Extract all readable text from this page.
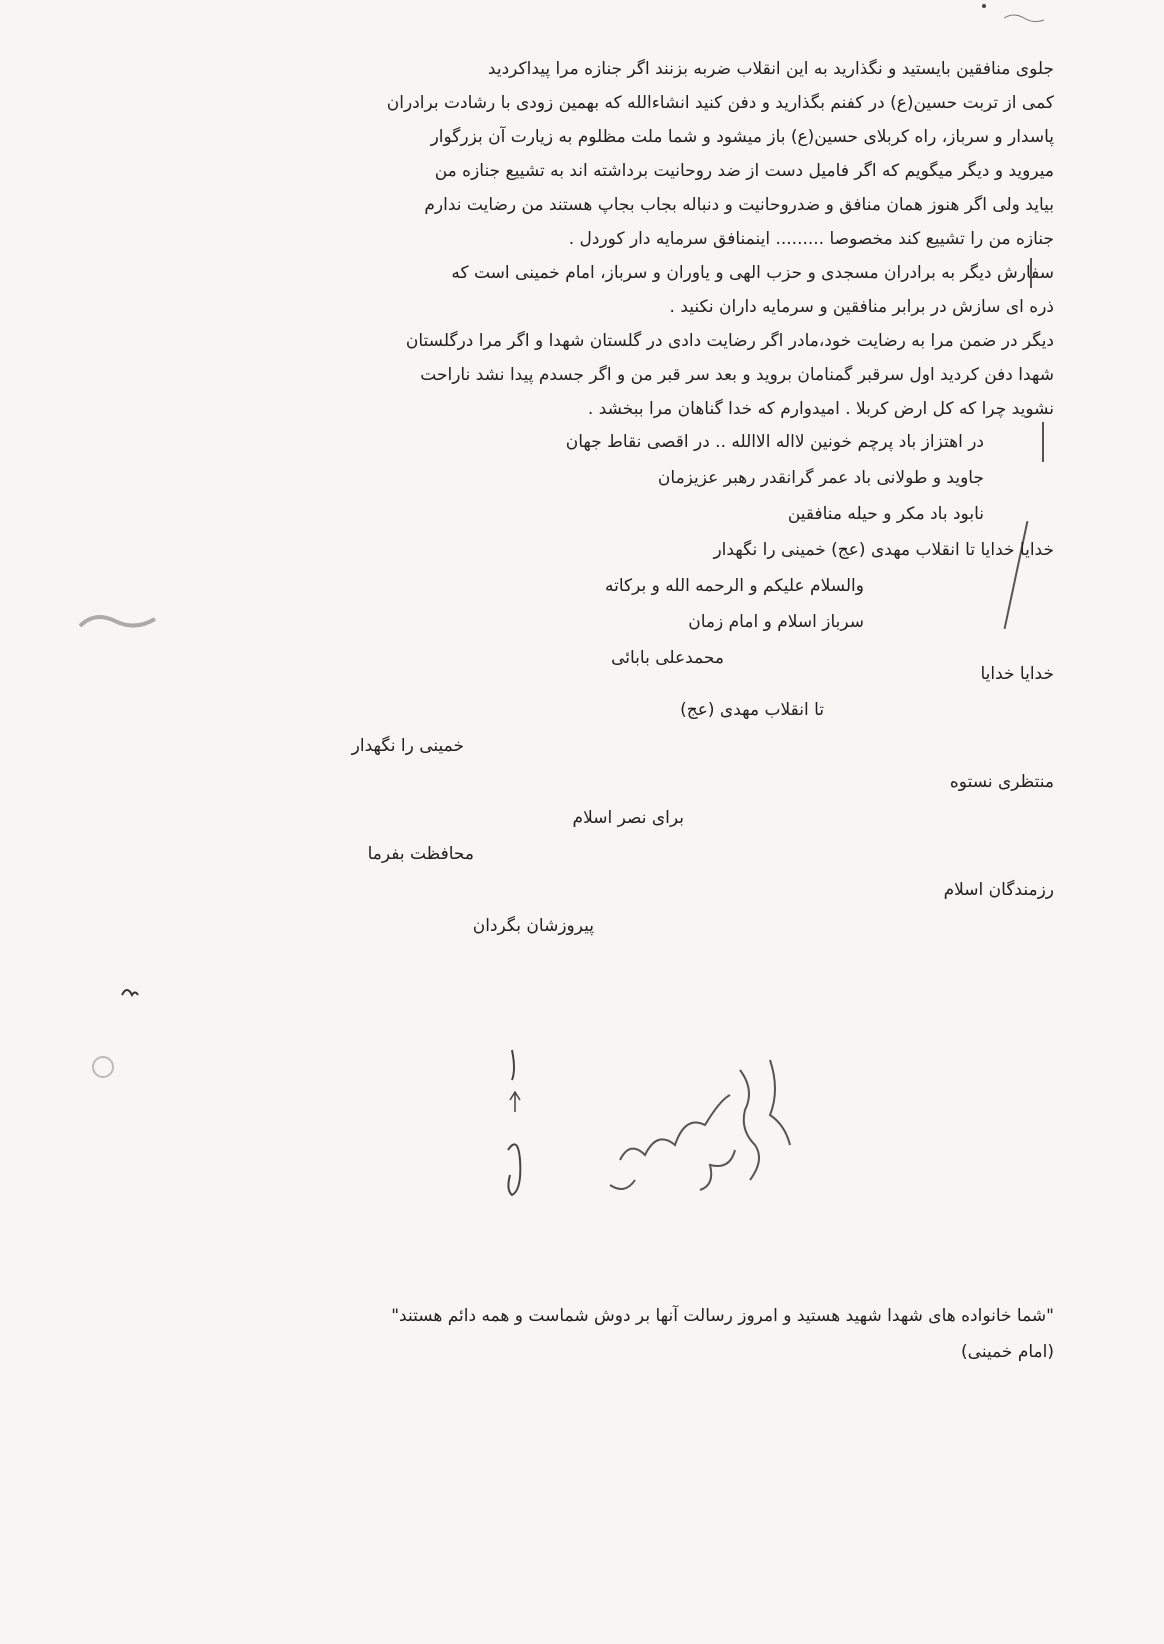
جلوی منافقین بایستید و نگذارید به این انقلاب ضربه بزنند اگر جنازه مرا پیداکردید
کمی از تربت حسین(ع) در کفنم بگذارید و دفن کنید انشاءالله که بهمین زودی با رشادت برادران
پاسدار و سرباز، راه کربلای حسین(ع) باز میشود و شما ملت مظلوم به زیارت آن بزرگوار
میروید و دیگر میگویم که اگر فامیل دست از ضد روحانیت برداشته اند به تشییع جنازه من
بیاید ولی اگر هنوز همان منافق و ضدروحانیت و دنباله بجاب بجاپ هستند من رضایت ندارم
جنازه من را تشییع کند مخصوصا ......... اینمنافق سرمایه دار کوردل .
سفارش دیگر به برادران مسجدی و حزب الهی و یاوران و سرباز، امام خمینی است که
ذره ای سازش در برابر منافقین و سرمایه داران نکنید .
دیگر در ضمن مرا به رضایت خود،مادر اگر رضایت دادی در گلستان شهدا و اگر مرا درگلستان
شهدا دفن کردید اول سرقبر گمنامان بروید و بعد سر قبر من و اگر جسدم پیدا نشد ناراحت
نشوید چرا که کل ارض کربلا . امیدوارم که خدا گناهان مرا ببخشد .
در اهتزاز باد پرچم خونین لااله الاالله .. در اقصی نقاط جهان
جاوید و طولانی باد عمر گرانقدر رهبر عزیزمان
نابود باد مکر و حیله منافقین
خدایا خدایا تا انقلاب مهدی (عج) خمینی را نگهدار
والسلام علیکم و الرحمه الله و برکاته
سرباز اسلام و امام زمان
محمدعلی بابائی
خدایا خدایا
تا انقلاب مهدی (عج)
خمینی را نگهدار
منتظری نستوه
برای نصر اسلام
محافظت بفرما
رزمندگان اسلام
پیروزشان بگردان
"شما خانواده های شهدا شهید هستید و امروز رسالت آنها بر دوش شماست و همه دائم هستند"
(امام خمینی)
